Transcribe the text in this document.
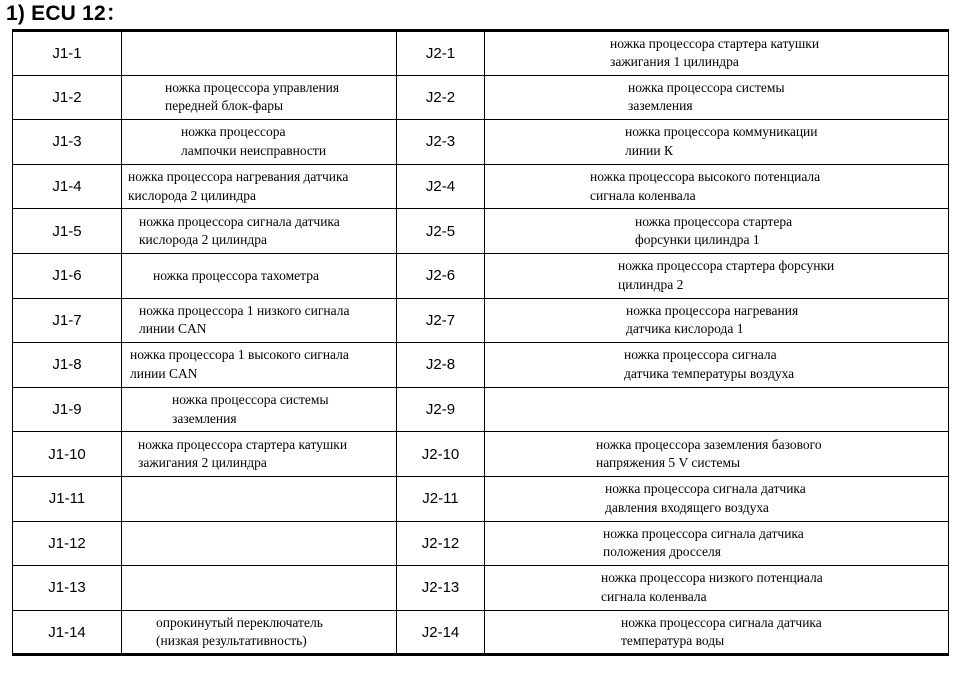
1) ECU 12：
J1-1		J2-1	ножка процессора стартера катушки
зажигания 1 цилиндра

J1-2	ножка процессора управления
передней блок-фары	J2-2	ножка процессора системы
заземления

J1-3	ножка процессора
лампочки неисправности	J2-3	ножка процессора коммуникации
линии К

J1-4	ножка процессора нагревания датчика
кислорода 2 цилиндра	J2-4	ножка процессора высокого потенциала
сигнала коленвала

J1-5	ножка процессора сигнала датчика
кислорода 2 цилиндра	J2-5	ножка процессора стартера
форсунки цилиндра 1

J1-6	ножка процессора тахометра	J2-6	ножка процессора стартера форсунки
цилиндра 2

J1-7	ножка процессора 1 низкого сигнала
линии CAN	J2-7	ножка процессора нагревания
датчика кислорода 1

J1-8	ножка процессора 1 высокого сигнала
линии CAN	J2-8	ножка процессора сигнала
датчика температуры воздуха

J1-9	ножка процессора системы
заземления	J2-9	

J1-10	ножка процессора стартера катушки
зажигания 2 цилиндра	J2-10	ножка процессора заземления базового
напряжения 5 V системы

J1-11		J2-11	ножка процессора сигнала датчика
давления входящего воздуха

J1-12		J2-12	ножка процессора сигнала датчика
положения дросселя

J1-13		J2-13	ножка процессора низкого потенциала
сигнала коленвала

J1-14	опрокинутый переключатель
(низкая результативность)	J2-14	ножка процессора сигнала датчика
температура воды
